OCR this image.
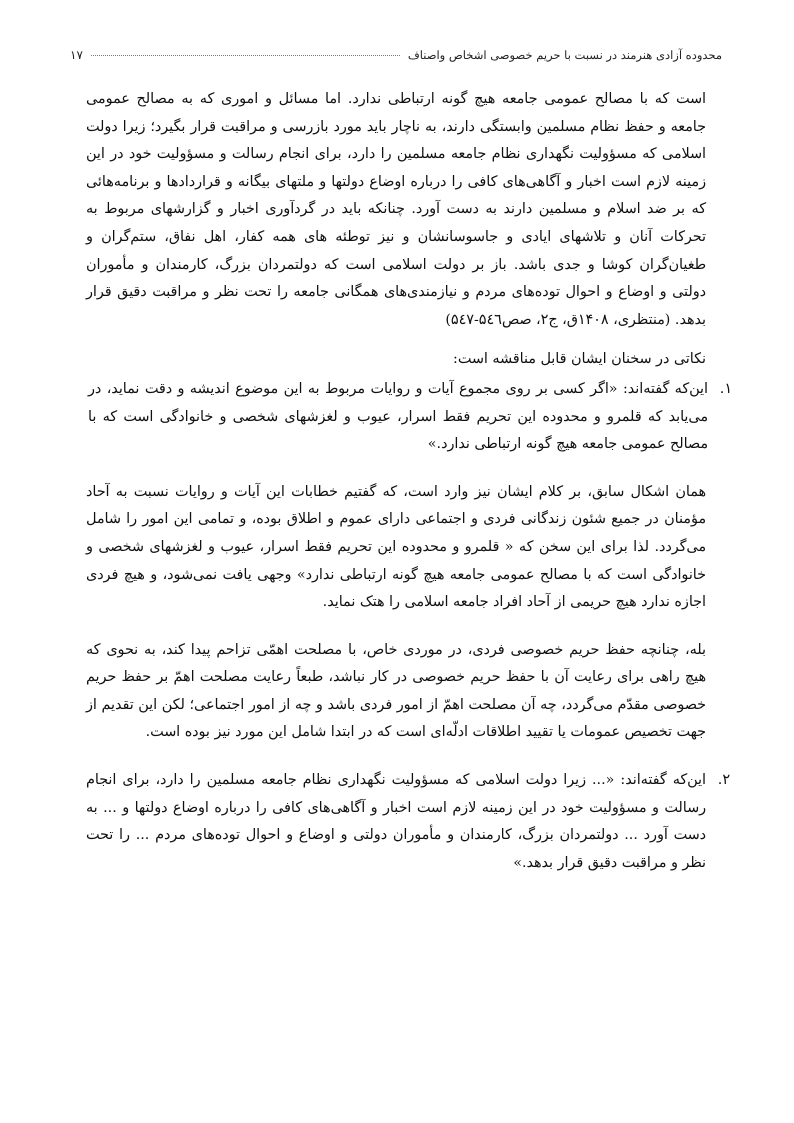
محدوده آزادی هنرمند در نسبت با حریم خصوصی اشخاص واصناف
۱۷

است که با مصالح عمومی جامعه هیچ گونه ارتباطی ندارد. اما مسائل و اموری که به مصالح عمومی جامعه و حفظ نظام مسلمین وابستگی دارند، به ناچار باید مورد بازرسی و مراقبت قرار بگیرد؛ زیرا دولت اسلامی که مسؤولیت نگهداری نظام جامعه مسلمین را دارد، برای انجام رسالت و مسؤولیت خود در این زمینه لازم است اخبار و آگاهی‌های کافی را درباره اوضاع دولتها و ملتهای بیگانه و قراردادها و برنامه‌هائی که بر ضد اسلام و مسلمین دارند به دست آورد. چنانکه باید در گردآوری اخبار و گزارشهای مربوط به تحرکات آنان و تلاشهای ایادی و جاسوسانشان و نیز توطئه های همه کفار، اهل نفاق، ستم‌گران و طغیان‌گران کوشا و جدی باشد. باز بر دولت اسلامی است که دولتمردان بزرگ، کارمندان و مأموران دولتی و اوضاع و احوال توده‌های مردم و نیازمندی‌های همگانی جامعه را تحت نظر و مراقبت دقیق قرار بدهد. (منتظری، ۱۴۰۸ق، ج۲، صص۵٤٦-۵٤۷)

نکاتی در سخنان ایشان قابل مناقشه است:

۱.
این‌که گفته‌اند: «اگر کسی بر روی مجموع آیات و روایات مربوط به این موضوع اندیشه و دقت نماید، در می‌یابد که قلمرو و محدوده این تحریم فقط اسرار، عیوب و لغزشهای شخصی و خانوادگی است که با مصالح عمومی جامعه هیچ گونه ارتباطی ندارد.»

همان اشکال سابق، بر کلام ایشان نیز وارد است، که گفتیم خطابات این آیات و روایات نسبت به آحاد مؤمنان در جمیع شئون زندگانی فردی و اجتماعی دارای عموم و اطلاق بوده، و تمامی این امور را شامل می‌گردد. لذا برای این سخن که « قلمرو و محدوده این تحریم فقط اسرار، عیوب و لغزشهای شخصی و خانوادگی است که با مصالح عمومی جامعه هیچ گونه ارتباطی ندارد» وجهی یافت نمی‌شود، و هیچ فردی اجازه ندارد هیچ حریمی از آحاد افراد جامعه اسلامی را هتک نماید.

بله، چنانچه حفظ حریم خصوصی فردی، در موردی خاص، با مصلحت اهمّی تزاحم پیدا کند، به نحوی که هیچ راهی برای رعایت آن با حفظ حریم خصوصی در کار نباشد، طبعاً رعایت مصلحت اهمّ بر حفظ حریم خصوصی مقدّم می‌گردد، چه آن مصلحت اهمّ از امور فردی باشد و چه از امور اجتماعی؛ لکن این تقدیم از جهت تخصیص عمومات یا تقیید اطلاقات ادلّه‌ای است که در ابتدا شامل این مورد نیز بوده است.

۲.
این‌که گفته‌اند: «... زیرا دولت اسلامی که مسؤولیت نگهداری نظام جامعه مسلمین را دارد، برای انجام رسالت و مسؤولیت خود در این زمینه لازم است اخبار و آگاهی‌های کافی را درباره اوضاع دولتها و ... به دست آورد ... دولتمردان بزرگ، کارمندان و مأموران دولتی و اوضاع و احوال توده‌های مردم ... را تحت نظر و مراقبت دقیق قرار بدهد.»
